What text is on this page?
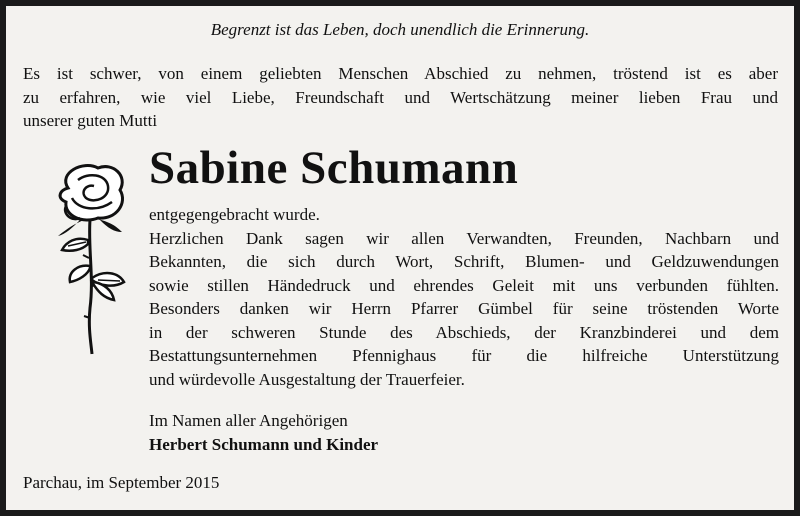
Begrenzt ist das Leben, doch unendlich die Erinnerung.
Es ist schwer, von einem geliebten Menschen Abschied zu nehmen, tröstend ist es aber
zu erfahren, wie viel Liebe, Freundschaft und Wertschätzung meiner lieben Frau und
unserer guten Mutti
Sabine Schumann
entgegengebracht wurde.
Herzlichen Dank sagen wir allen Verwandten, Freunden, Nachbarn und
Bekannten, die sich durch Wort, Schrift, Blumen- und Geldzuwendungen
sowie stillen Händedruck und ehrendes Geleit mit uns verbunden fühlten.
Besonders danken wir Herrn Pfarrer Gümbel für seine tröstenden Worte
in der schweren Stunde des Abschieds, der Kranzbinderei und dem
Bestattungsunternehmen Pfennighaus für die hilfreiche Unterstützung
und würdevolle Ausgestaltung der Trauerfeier.
Im Namen aller Angehörigen
Herbert Schumann und Kinder
Parchau, im September 2015
